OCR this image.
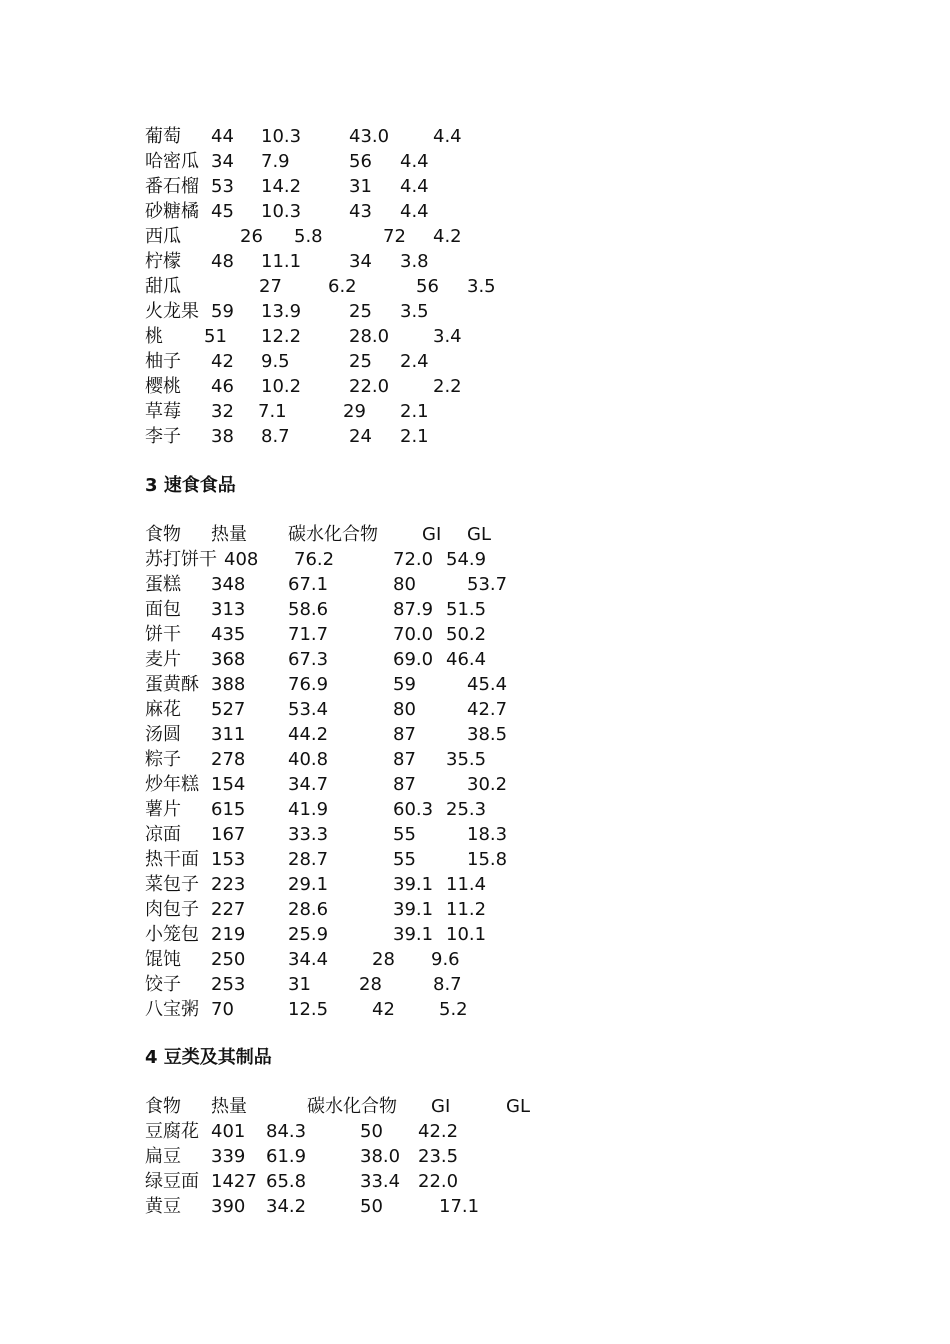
葡萄 44 10.3	43.0 4.4
哈密瓜 34 7.9	56 4.4
番石榴 53 14.2	31 4.4
砂糖橘 45 10.3	43 4.4
西瓜	26 5.8	72 4.2
柠檬 48 11.1	34 3.8
甜瓜	27	6.2	56 3.5
火龙果 59 13.9	25 3.5
桃 51 12.2	28.0 3.4
柚子 42 9.5	25 2.4
樱桃 46 10.2	22.0 2.2
草莓 32 7.1	29 2.1
李子 38 8.7	24 2.1
3 速食食品
食物 热量 碳水化合物 GI GL
苏打饼干 408 76.2	72.0 54.9
蛋糕 348 67.1	80	53.7
面包 313 58.6	87.9 51.5
饼干 435 71.7	70.0 50.2
麦片 368 67.3	69.0 46.4
蛋黄酥 388 76.9	59	45.4
麻花 527 53.4	80	42.7
汤圆 311 44.2	87	38.5
粽子 278 40.8	87 35.5
炒年糕 154 34.7	87	30.2
薯片 615 41.9	60.3 25.3
凉面 167 33.3	55	18.3
热干面 153 28.7	55	15.8
菜包子 223 29.1	39.1 11.4
肉包子 227 28.6	39.1 11.2
小笼包 219 25.9	39.1 10.1
馄饨 250 34.4 28 9.6
饺子 253 31	28	8.7
八宝粥 70	12.5 42 5.2
4 豆类及其制品
食物 热量	碳水化合物 GI	GL
豆腐花 401 84.3	50 42.2
扁豆 339 61.9	38.0 23.5
绿豆面 1427 65.8	33.4 22.0
黄豆 390 34.2	50	17.1
